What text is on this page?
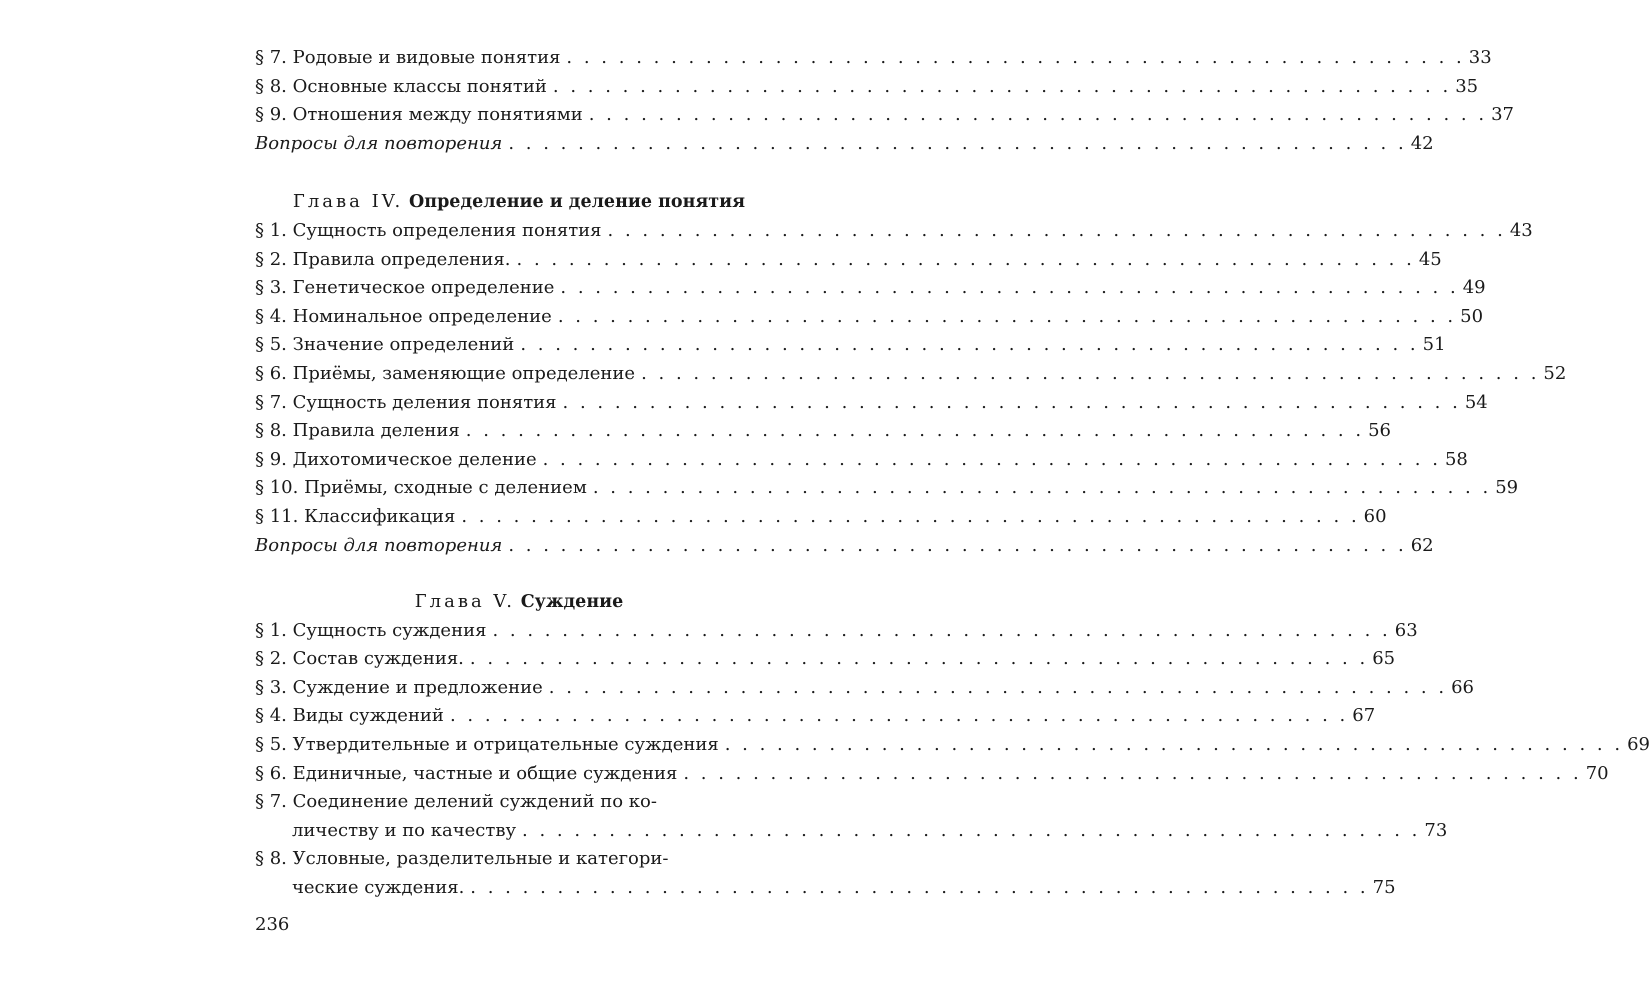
§ 7. Родовые и видовые понятия . . . . . . . . . . . . . . . . . . . . . . . . . . . . . . . . . . . . . . . . . . . . . . . . . . . . 33
§ 8. Основные классы понятий . . . . . . . . . . . . . . . . . . . . . . . . . . . . . . . . . . . . . . . . . . . . . . . . . . . . 35
§ 9. Отношения между понятиями . . . . . . . . . . . . . . . . . . . . . . . . . . . . . . . . . . . . . . . . . . . . . . . . . . . . 37
Вопросы для повторения . . . . . . . . . . . . . . . . . . . . . . . . . . . . . . . . . . . . . . . . . . . . . . . . . . . . 42
Глава IV. Определение и деление понятия
§ 1. Сущность определения понятия . . . . . . . . . . . . . . . . . . . . . . . . . . . . . . . . . . . . . . . . . . . . . . . . . . . . 43
§ 2. Правила определения. . . . . . . . . . . . . . . . . . . . . . . . . . . . . . . . . . . . . . . . . . . . . . . . . . . . . 45
§ 3. Генетическое определение . . . . . . . . . . . . . . . . . . . . . . . . . . . . . . . . . . . . . . . . . . . . . . . . . . . . 49
§ 4. Номинальное определение . . . . . . . . . . . . . . . . . . . . . . . . . . . . . . . . . . . . . . . . . . . . . . . . . . . . 50
§ 5. Значение определений . . . . . . . . . . . . . . . . . . . . . . . . . . . . . . . . . . . . . . . . . . . . . . . . . . . . 51
§ 6. Приёмы, заменяющие определение . . . . . . . . . . . . . . . . . . . . . . . . . . . . . . . . . . . . . . . . . . . . . . . . . . . . 52
§ 7. Сущность деления понятия . . . . . . . . . . . . . . . . . . . . . . . . . . . . . . . . . . . . . . . . . . . . . . . . . . . . 54
§ 8. Правила деления . . . . . . . . . . . . . . . . . . . . . . . . . . . . . . . . . . . . . . . . . . . . . . . . . . . . 56
§ 9. Дихотомическое деление . . . . . . . . . . . . . . . . . . . . . . . . . . . . . . . . . . . . . . . . . . . . . . . . . . . . 58
§ 10. Приёмы, сходные с делением . . . . . . . . . . . . . . . . . . . . . . . . . . . . . . . . . . . . . . . . . . . . . . . . . . . . 59
§ 11. Классификация . . . . . . . . . . . . . . . . . . . . . . . . . . . . . . . . . . . . . . . . . . . . . . . . . . . . 60
Вопросы для повторения . . . . . . . . . . . . . . . . . . . . . . . . . . . . . . . . . . . . . . . . . . . . . . . . . . . . 62
Глава V. Суждение
§ 1. Сущность суждения . . . . . . . . . . . . . . . . . . . . . . . . . . . . . . . . . . . . . . . . . . . . . . . . . . . . 63
§ 2. Состав суждения. . . . . . . . . . . . . . . . . . . . . . . . . . . . . . . . . . . . . . . . . . . . . . . . . . . . . 65
§ 3. Суждение и предложение . . . . . . . . . . . . . . . . . . . . . . . . . . . . . . . . . . . . . . . . . . . . . . . . . . . . 66
§ 4. Виды суждений . . . . . . . . . . . . . . . . . . . . . . . . . . . . . . . . . . . . . . . . . . . . . . . . . . . . 67
§ 5. Утвердительные и отрицательные суждения . . . . . . . . . . . . . . . . . . . . . . . . . . . . . . . . . . . . . . . . . . . . . . . . . . . . 69
§ 6. Единичные, частные и общие суждения . . . . . . . . . . . . . . . . . . . . . . . . . . . . . . . . . . . . . . . . . . . . . . . . . . . . 70
§ 7. Соединение делений суждений по ко-
личеству и по качеству . . . . . . . . . . . . . . . . . . . . . . . . . . . . . . . . . . . . . . . . . . . . . . . . . . . . 73
§ 8. Условные, разделительные и категори-
ческие суждения. . . . . . . . . . . . . . . . . . . . . . . . . . . . . . . . . . . . . . . . . . . . . . . . . . . . . 75
236
